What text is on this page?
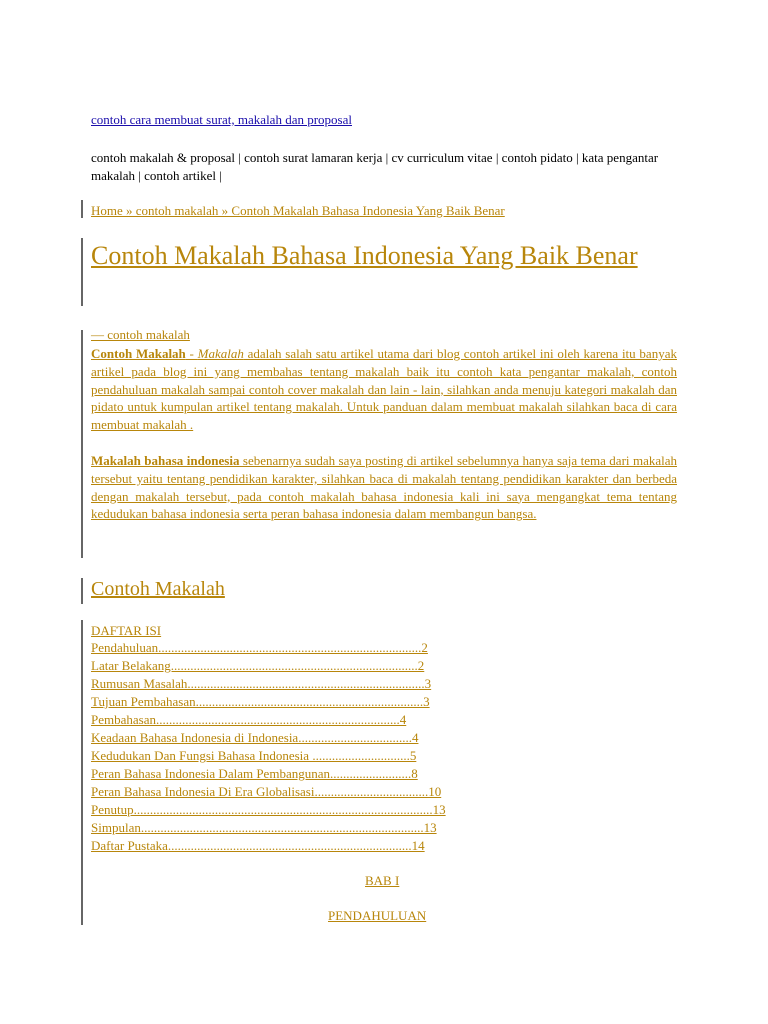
contoh cara membuat surat, makalah dan proposal
contoh makalah & proposal | contoh surat lamaran kerja | cv curriculum vitae | contoh pidato | kata pengantar makalah | contoh artikel |
Home » contoh makalah » Contoh Makalah Bahasa Indonesia Yang Baik Benar
Contoh Makalah Bahasa Indonesia Yang Baik Benar
— contoh makalah

Contoh Makalah - Makalah adalah salah satu artikel utama dari blog contoh artikel ini oleh karena itu banyak artikel pada blog ini yang membahas tentang makalah baik itu contoh kata pengantar makalah, contoh pendahuluan makalah sampai contoh cover makalah dan lain - lain, silahkan anda menuju kategori makalah dan pidato untuk kumpulan artikel tentang makalah. Untuk panduan dalam membuat makalah silahkan baca di cara membuat makalah .

Makalah bahasa indonesia sebenarnya sudah saya posting di artikel sebelumnya hanya saja tema dari makalah tersebut yaitu tentang pendidikan karakter, silahkan baca di makalah tentang pendidikan karakter dan berbeda dengan makalah tersebut, pada contoh makalah bahasa indonesia kali ini saya mengangkat tema tentang kedudukan bahasa indonesia serta peran bahasa indonesia dalam membangun bangsa.

Contoh Makalah
DAFTAR ISI
Pendahuluan.................................................................................2
Latar Belakang............................................................................2
Rumusan Masalah.........................................................................3
Tujuan Pembahasan......................................................................3
Pembahasan...........................................................................4
Keadaan Bahasa Indonesia di Indonesia...................................4
Kedudukan Dan Fungsi Bahasa Indonesia ..............................5
Peran Bahasa Indonesia Dalam Pembangunan.........................8
Peran Bahasa Indonesia Di Era Globalisasi...................................10
Penutup............................................................................................13
Simpulan.......................................................................................13
Daftar Pustaka...........................................................................14
BAB I
PENDAHULUAN
